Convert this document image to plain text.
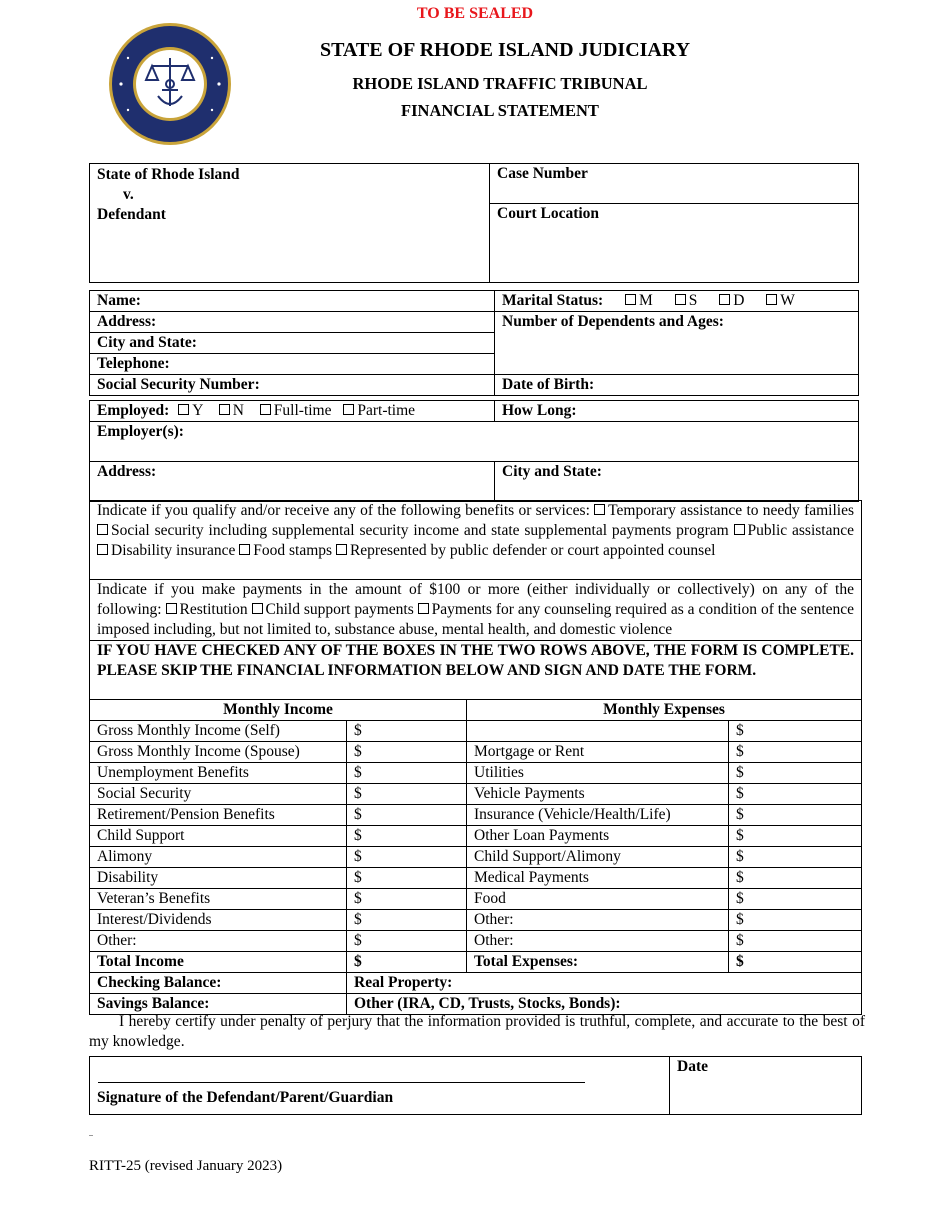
TO BE SEALED
STATE OF RHODE ISLAND JUDICIARY
RHODE ISLAND TRAFFIC TRIBUNAL
FINANCIAL STATEMENT
State of Rhode Island
v.
Defendant
	Case Number
Court Location
Name:	Marital Status: M S D W
Address:	Number of Dependents and Ages:
City and State:	
Telephone:	
Social Security Number:	Date of Birth:
Employed: Y N Full-time Part-time	How Long:
Employer(s):	
Address:	City and State:
Indicate if you qualify and/or receive any of the following benefits or services: Temporary assistance to needy families Social security including supplemental security income and state supplemental payments program Public assistance Disability insurance Food stamps Represented by public defender or court appointed counsel
Indicate if you make payments in the amount of $100 or more (either individually or collectively) on any of the following: Restitution Child support payments Payments for any counseling required as a condition of the sentence imposed including, but not limited to, substance abuse, mental health, and domestic violence
IF YOU HAVE CHECKED ANY OF THE BOXES IN THE TWO ROWS ABOVE, THE FORM IS COMPLETE. PLEASE SKIP THE FINANCIAL INFORMATION BELOW AND SIGN AND DATE THE FORM.
Monthly Income		Monthly Expenses	
Gross Monthly Income (Self)	$		$
Gross Monthly Income (Spouse)	$	Mortgage or Rent	$
Unemployment Benefits	$	Utilities	$
Social Security	$	Vehicle Payments	$
Retirement/Pension Benefits	$	Insurance (Vehicle/Health/Life)	$
Child Support	$	Other Loan Payments	$
Alimony	$	Child Support/Alimony	$
Disability	$	Medical Payments	$
Veteran’s Benefits	$	Food	$
Interest/Dividends	$	Other:	$
Other:	$	Other:	$
Total Income	$	Total Expenses:	$
Checking Balance:	Real Property:		
Savings Balance:	Other (IRA, CD, Trusts, Stocks, Bonds):		
I hereby certify under penalty of perjury that the information provided is truthful, complete, and accurate to the best of my knowledge.
Signature of the Defendant/Parent/Guardian	Date
RITT-25 (revised January 2023)
